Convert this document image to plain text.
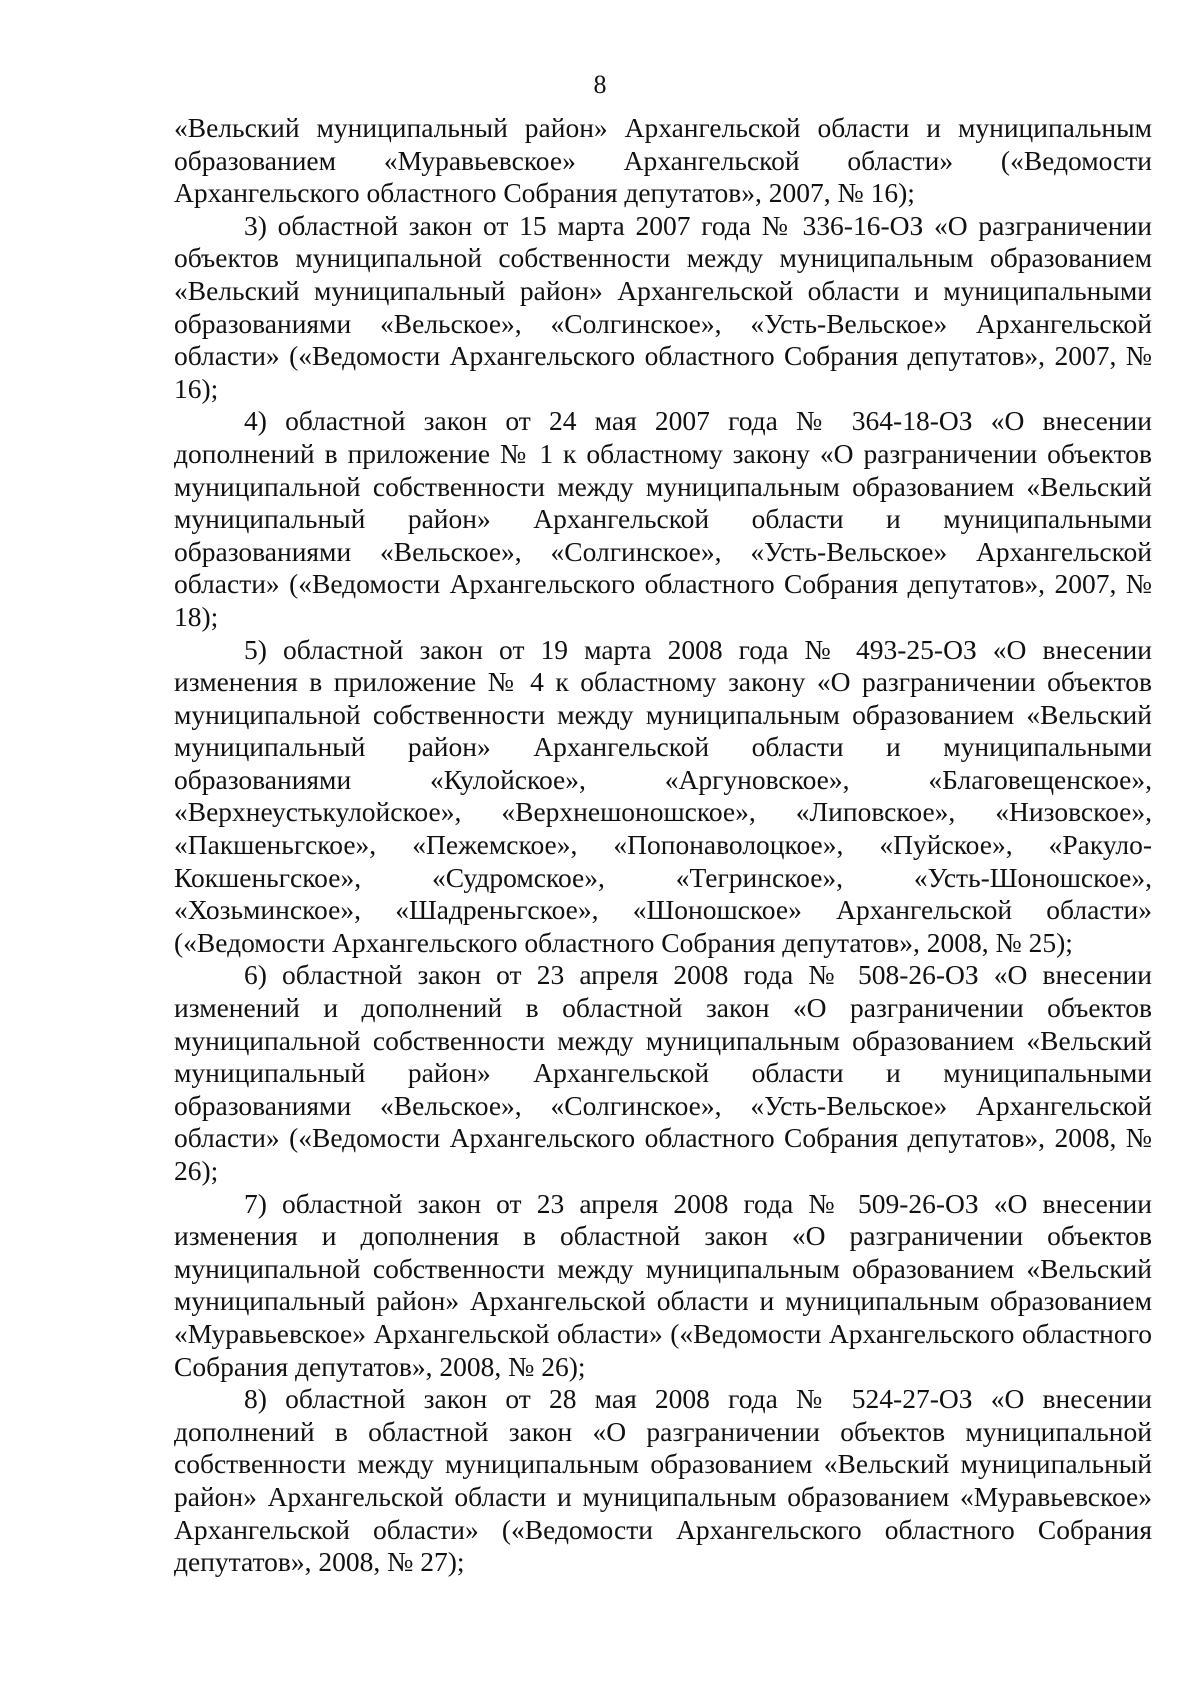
8

«Вельский муниципальный район» Архангельской области и муниципальным образованием «Муравьевское» Архангельской области» («Ведомости Архангельского областного Собрания депутатов», 2007, № 16);

3) областной закон от 15 марта 2007 года № 336-16-ОЗ «О разграничении объектов муниципальной собственности между муниципальным образованием «Вельский муниципальный район» Архангельской области и муниципальными образованиями «Вельское», «Солгинское», «Усть-Вельское» Архангельской области» («Ведомости Архангельского областного Собрания депутатов», 2007, № 16);

4) областной закон от 24 мая 2007 года № 364-18-ОЗ «О внесении дополнений в приложение № 1 к областному закону «О разграничении объектов муниципальной собственности между муниципальным образованием «Вельский муниципальный район» Архангельской области и муниципальными образованиями «Вельское», «Солгинское», «Усть-Вельское» Архангельской области» («Ведомости Архангельского областного Собрания депутатов», 2007, № 18);

5) областной закон от 19 марта 2008 года № 493-25-ОЗ «О внесении изменения в приложение № 4 к областному закону «О разграничении объектов муниципальной собственности между муниципальным образованием «Вельский муниципальный район» Архангельской области и муниципальными образованиями «Кулойское», «Аргуновское», «Благовещенское», «Верхнеустькулойское», «Верхнешоношское», «Липовское», «Низовское», «Пакшеньгское», «Пежемское», «Попонаволоцкое», «Пуйское», «Ракуло-Кокшеньгское», «Судромское», «Тегринское», «Усть-Шоношское», «Хозьминское», «Шадреньгское», «Шоношское» Архангельской области» («Ведомости Архангельского областного Собрания депутатов», 2008, № 25);

6) областной закон от 23 апреля 2008 года № 508-26-ОЗ «О внесении изменений и дополнений в областной закон «О разграничении объектов муниципальной собственности между муниципальным образованием «Вельский муниципальный район» Архангельской области и муниципальными образованиями «Вельское», «Солгинское», «Усть-Вельское» Архангельской области» («Ведомости Архангельского областного Собрания депутатов», 2008, № 26);

7) областной закон от 23 апреля 2008 года № 509-26-ОЗ «О внесении изменения и дополнения в областной закон «О разграничении объектов муниципальной собственности между муниципальным образованием «Вельский муниципальный район» Архангельской области и муниципальным образованием «Муравьевское» Архангельской области» («Ведомости Архангельского областного Собрания депутатов», 2008, № 26);

8) областной закон от 28 мая 2008 года № 524-27-ОЗ «О внесении дополнений в областной закон «О разграничении объектов муниципальной собственности между муниципальным образованием «Вельский муниципальный район» Архангельской области и муниципальным образованием «Муравьевское» Архангельской области» («Ведомости Архангельского областного Собрания депутатов», 2008, № 27);
